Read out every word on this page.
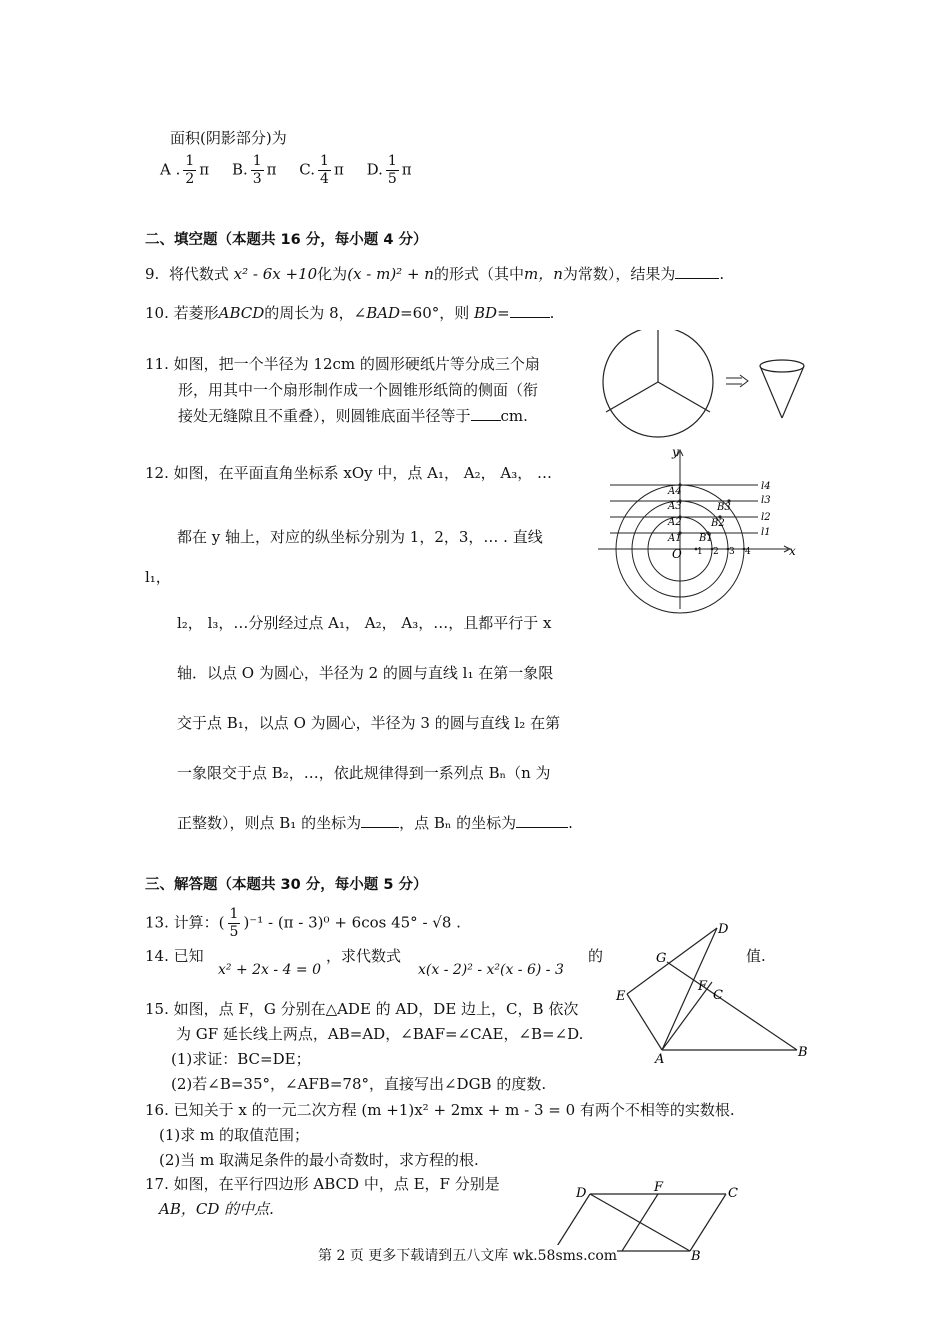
面积(阴影部分)为
A . $\frac{1}{2}$ π B. $\frac{1}{3}$ π C. $\frac{1}{4}$ π D. $\frac{1}{5}$ π
二、填空题（本题共 16 分，每小题 4 分）
9. 将代数式 x² - 6x +10化为(x - m)² + n的形式（其中m，n为常数），结果为	.
10. 若菱形ABCD的周长为 8，∠BAD=60°，则 BD=	.
11. 如图，把一个半径为 12cm 的圆形硬纸片等分成三个扇
形，用其中一个扇形制作成一个圆锥形纸筒的侧面（衔
接处无缝隙且不重叠），则圆锥底面半径等于 cm.
12. 如图，在平面直角坐标系 xOy 中，点 A₁， A₂， A₃， …
都在 y 轴上，对应的纵坐标分别为 1，2，3，… . 直线
l₁，
l₂， l₃，…分别经过点 A₁， A₂， A₃，…，且都平行于 x
轴．以点 O 为圆心，半径为 2 的圆与直线 l₁ 在第一象限
交于点 B₁，以点 O 为圆心，半径为 3 的圆与直线 l₂ 在第
一象限交于点 B₂，…，依此规律得到一系列点 Bₙ（n 为
正整数），则点 B₁ 的坐标为	，点 Bₙ 的坐标为	.
y
x
O
l4
l3
l2
l1
A4
A3
A2
A1
B3
B2
B1
1 2 3 4
三、解答题（本题共 30 分，每小题 5 分）
13. 计算：( $\frac{1}{5} )^{-1} - (\pi - 3)^0 + 6\cos$ 45° - √8 .
14. 已知
x² + 2x - 4 = 0
，求代数式
x(x - 2)² - x²(x - 6) - 3
的	值.
15. 如图，点 F，G 分别在△ADE 的 AD，DE 边上，C，B 依次
为 GF 延长线上两点，AB=AD，∠BAF=∠CAE，∠B=∠D.
(1)求证：BC=DE；
(2)若∠B=35°，∠AFB=78°，直接写出∠DGB 的度数.
D
G
F
C
E
A	B
16. 已知关于 x 的一元二次方程 (m +1)x² + 2mx + m - 3 = 0 有两个不相等的实数根.
(1)求 m 的取值范围；
(2)当 m 取满足条件的最小奇数时，求方程的根.
17. 如图，在平行四边形 ABCD 中，点 E，F 分别是
AB，CD 的中点.
D	F	C
B
第 2 页 更多下载请到五八文库 wk.58sms.com
